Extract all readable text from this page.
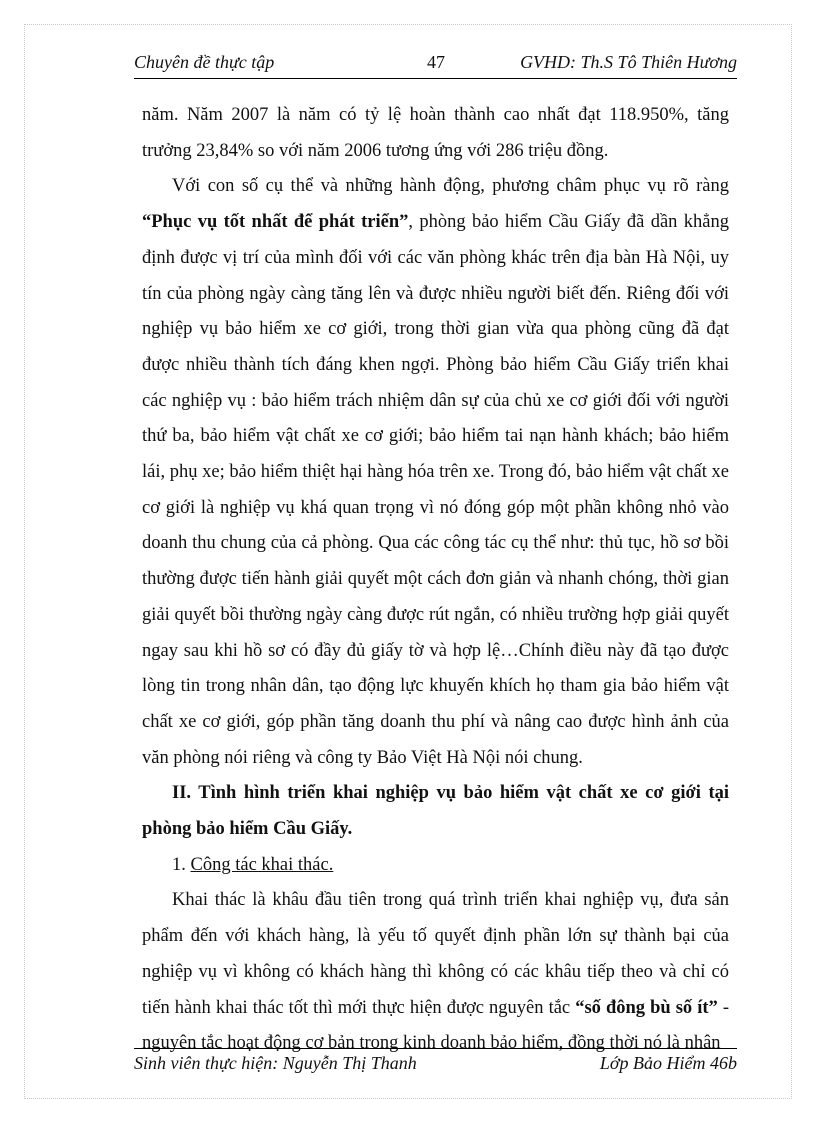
Chuyên đề thực tập	47	GVHD: Th.S Tô Thiên Hương

năm. Năm 2007 là năm có tỷ lệ hoàn thành cao nhất đạt 118.950%, tăng trưởng 23,84% so với năm 2006 tương ứng với 286 triệu đồng.

Với con số cụ thể và những hành động, phương châm phục vụ rõ ràng “Phục vụ tốt nhất để phát triển”, phòng bảo hiểm Cầu Giấy đã dần khẳng định được vị trí của mình đối với các văn phòng khác trên địa bàn Hà Nội, uy tín của phòng ngày càng tăng lên và được nhiều người biết đến. Riêng đối với nghiệp vụ bảo hiểm xe cơ giới, trong thời gian vừa qua phòng cũng đã đạt được nhiều thành tích đáng khen ngợi. Phòng bảo hiểm Cầu Giấy triển khai các nghiệp vụ : bảo hiểm trách nhiệm dân sự của chủ xe cơ giới đối với người thứ ba, bảo hiểm vật chất xe cơ giới; bảo hiểm tai nạn hành khách; bảo hiểm lái, phụ xe; bảo hiểm thiệt hại hàng hóa trên xe. Trong đó, bảo hiểm vật chất xe cơ giới là nghiệp vụ khá quan trọng vì nó đóng góp một phần không nhỏ vào doanh thu chung của cả phòng. Qua các công tác cụ thể như: thủ tục, hồ sơ bồi thường được tiến hành giải quyết một cách đơn giản và nhanh chóng, thời gian giải quyết bồi thường ngày càng được rút ngắn, có nhiều trường hợp giải quyết ngay sau khi hồ sơ có đầy đủ giấy tờ và hợp lệ…Chính điều này đã tạo được lòng tin trong nhân dân, tạo động lực khuyến khích họ tham gia bảo hiểm vật chất xe cơ giới, góp phần tăng doanh thu phí và nâng cao được hình ảnh của văn phòng nói riêng và công ty Bảo Việt Hà Nội nói chung.

II. Tình hình triển khai nghiệp vụ bảo hiểm vật chất xe cơ giới tại phòng bảo hiểm Cầu Giấy.

1. Công tác khai thác.

Khai thác là khâu đầu tiên trong quá trình triển khai nghiệp vụ, đưa sản phẩm đến với khách hàng, là yếu tố quyết định phần lớn sự thành bại của nghiệp vụ vì không có khách hàng thì không có các khâu tiếp theo và chỉ có tiến hành khai thác tốt thì mới thực hiện được nguyên tắc “số đông bù số ít” - nguyên tắc hoạt động cơ bản trong kinh doanh bảo hiểm, đồng thời nó là nhân

Sinh viên thực hiện: Nguyễn Thị Thanh	Lớp Bảo Hiểm 46b
